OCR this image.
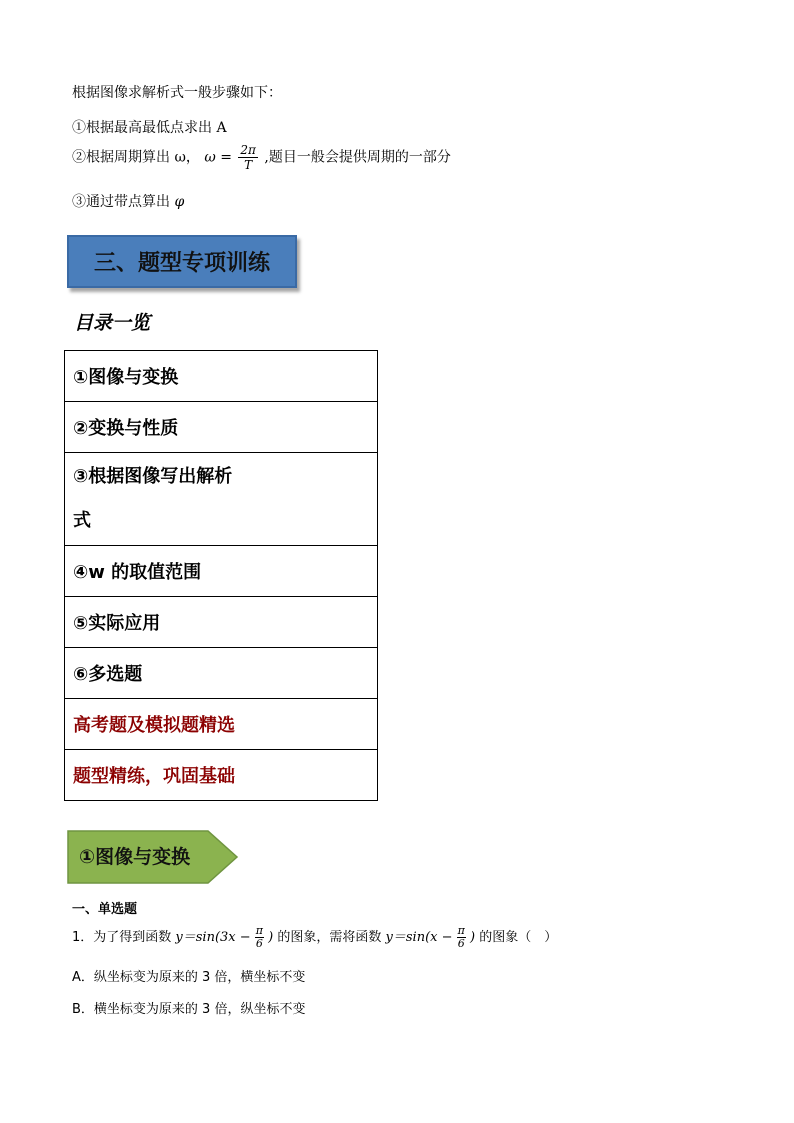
根据图像求解析式一般步骤如下：
①根据最高最低点求出 A
②根据周期算出 ω， $\omega = \frac{2\pi}{T}$ ,题目一般会提供周期的一部分
③通过带点算出 φ
三、题型专项训练
目录一览
①图像与变换
②变换与性质
③根据图像写出解析
式
④w 的取值范围
⑤实际应用
⑥多选题
高考题及模拟题精选
题型精练，巩固基础
①图像与变换
一、单选题
1．为了得到函数 $y=\sin(3x - \frac{\pi}{6}$ ) 的图象，需将函数 $y=\sin(x - \frac{\pi}{6}$ ) 的图象（　）
A．纵坐标变为原来的 3 倍，横坐标不变
B．横坐标变为原来的 3 倍，纵坐标不变
